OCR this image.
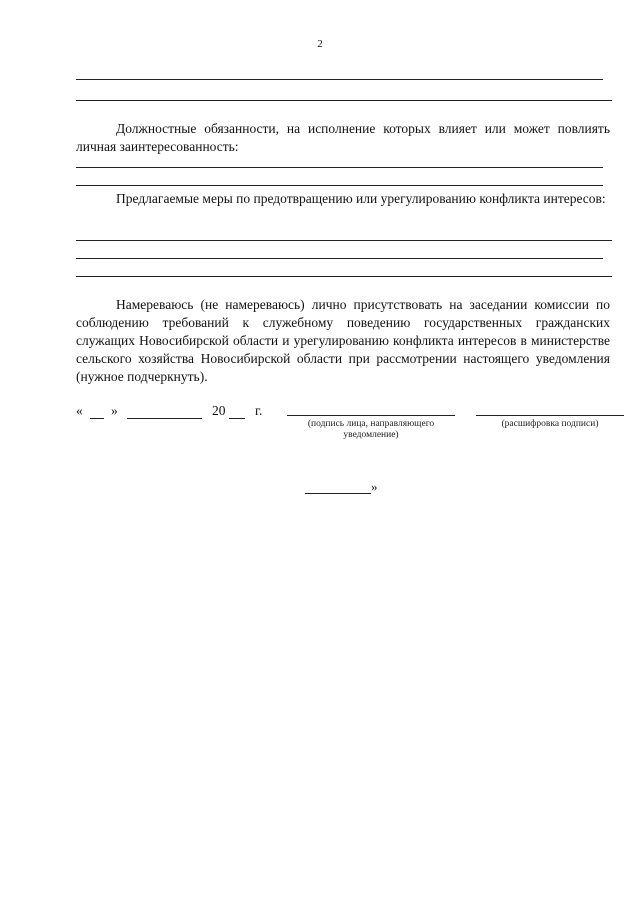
2
Должностные обязанности, на исполнение которых влияет или может повлиять личная заинтересованность:
Предлагаемые меры по предотвращению или урегулированию конфликта интересов:
Намереваюсь (не намереваюсь) лично присутствовать на заседании комиссии по соблюдению требований к служебному поведению государственных гражданских служащих Новосибирской области и урегулированию конфликта интересов в министерстве сельского хозяйства Новосибирской области при рассмотрении настоящего уведомления (нужное подчеркнуть).
« »	20 г.
(подпись лица, направляющего уведомление)
(расшифровка подписи)
»
